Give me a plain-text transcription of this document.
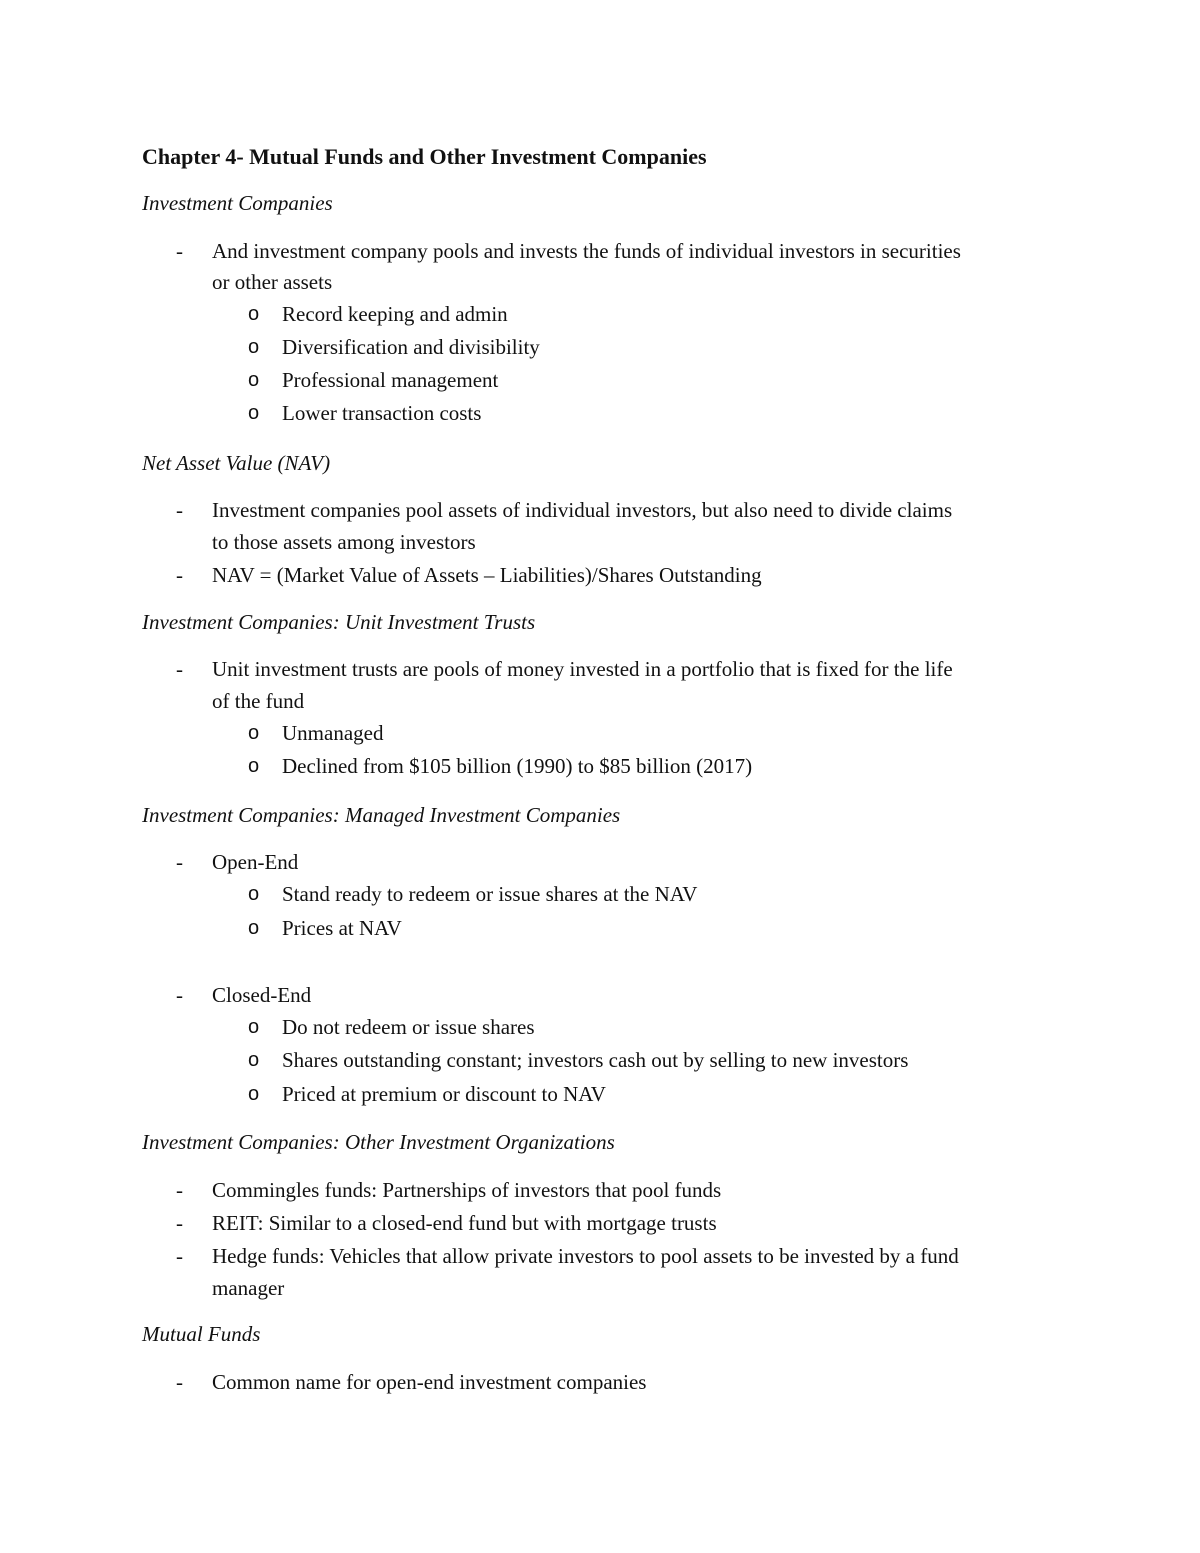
Chapter 4- Mutual Funds and Other Investment Companies
Investment Companies
- And investment company pools and invests the funds of individual investors in securities
or other assets
o Record keeping and admin
o Diversification and divisibility
o Professional management
o Lower transaction costs
Net Asset Value (NAV)
- Investment companies pool assets of individual investors, but also need to divide claims
to those assets among investors
- NAV = (Market Value of Assets – Liabilities)/Shares Outstanding
Investment Companies: Unit Investment Trusts
- Unit investment trusts are pools of money invested in a portfolio that is fixed for the life
of the fund
o Unmanaged
o Declined from $105 billion (1990) to $85 billion (2017)
Investment Companies: Managed Investment Companies
- Open-End
o Stand ready to redeem or issue shares at the NAV
o Prices at NAV
- Closed-End
o Do not redeem or issue shares
o Shares outstanding constant; investors cash out by selling to new investors
o Priced at premium or discount to NAV
Investment Companies: Other Investment Organizations
- Commingles funds: Partnerships of investors that pool funds
- REIT: Similar to a closed-end fund but with mortgage trusts
- Hedge funds: Vehicles that allow private investors to pool assets to be invested by a fund
manager
Mutual Funds
- Common name for open-end investment companies
